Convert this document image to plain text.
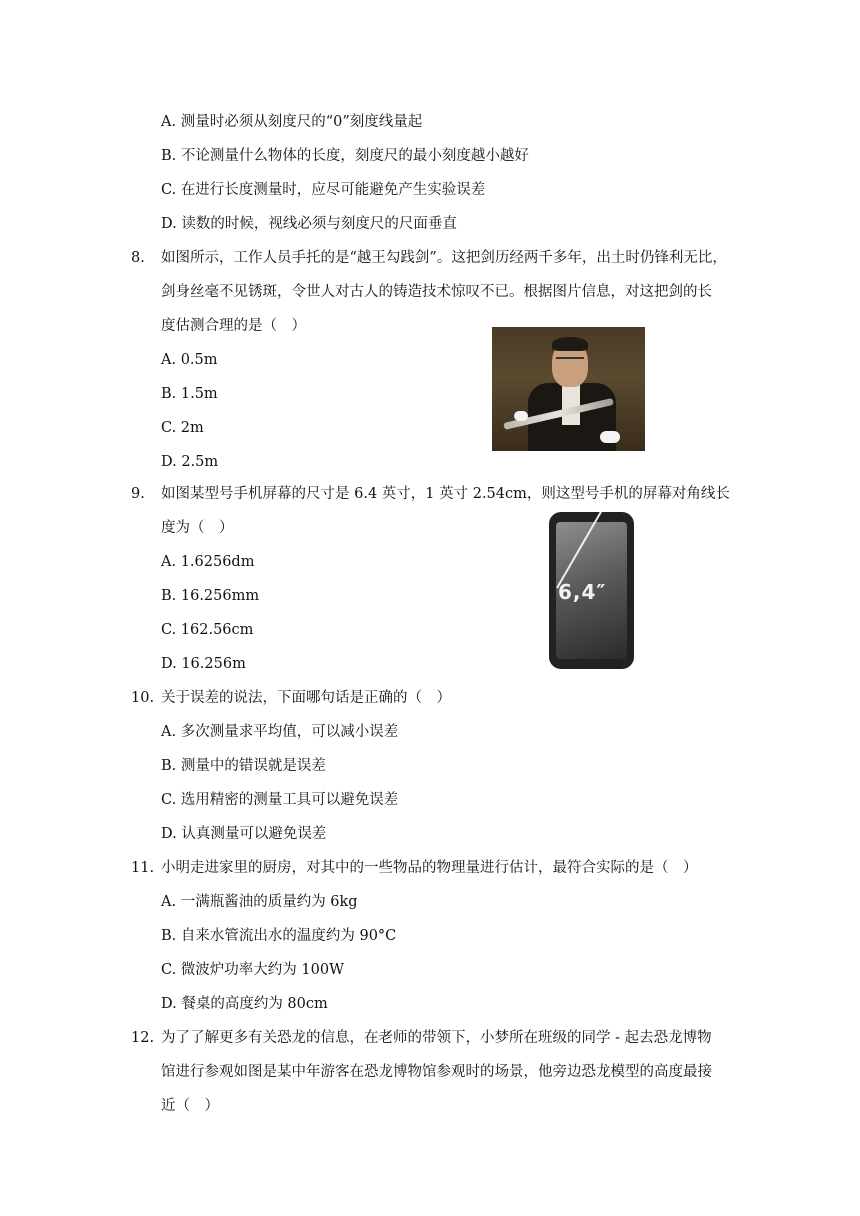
A. 测量时必须从刻度尺的“0”刻度线量起
B. 不论测量什么物体的长度，刻度尺的最小刻度越小越好
C. 在进行长度测量时，应尽可能避免产生实验误差
D. 读数的时候，视线必须与刻度尺的尺面垂直
8. 如图所示，工作人员手托的是“越王勾践剑”。这把剑历经两千多年，出土时仍锋利无比，
剑身丝毫不见锈斑，令世人对古人的铸造技术惊叹不已。根据图片信息，对这把剑的长
度估测合理的是（　）
A. 0.5m
B. 1.5m
C. 2m
D. 2.5m
9. 如图某型号手机屏幕的尺寸是 6.4 英寸，1 英寸 2.54cm，则这型号手机的屏幕对角线长
度为（　）
A. 1.6256dm
B. 16.256mm
C. 162.56cm
D. 16.256m
6,4″
10. 关于误差的说法，下面哪句话是正确的（　）
A. 多次测量求平均值，可以减小误差
B. 测量中的错误就是误差
C. 选用精密的测量工具可以避免误差
D. 认真测量可以避免误差
11. 小明走进家里的厨房，对其中的一些物品的物理量进行估计，最符合实际的是（　）
A. 一满瓶酱油的质量约为 6kg
B. 自来水管流出水的温度约为 90°C
C. 微波炉功率大约为 100W
D. 餐桌的高度约为 80cm
12. 为了了解更多有关恐龙的信息，在老师的带领下，小梦所在班级的同学 - 起去恐龙博物
馆进行参观如图是某中年游客在恐龙博物馆参观时的场景，他旁边恐龙模型的高度最接
近（　）
